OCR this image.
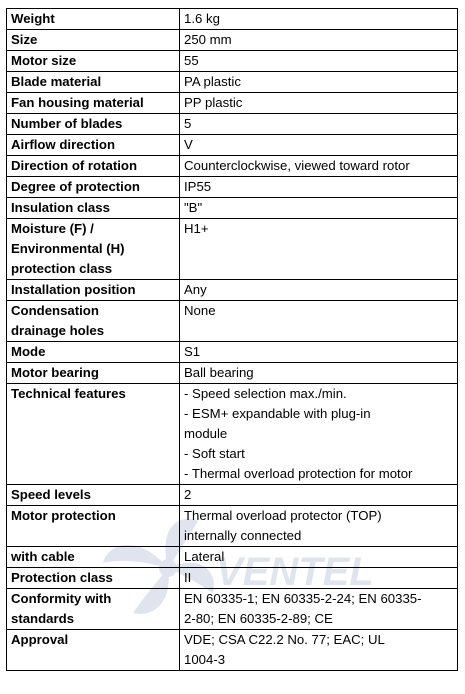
Weight	1.6 kg
Size	250 mm
Motor size	55
Blade material	PA plastic
Fan housing material	PP plastic
Number of blades	5
Airflow direction	V
Direction of rotation	Counterclockwise, viewed toward rotor
Degree of protection	IP55
Insulation class	"B"
Moisture (F) /
Environmental (H)
protection class	H1+
Installation position	Any
Condensation
drainage holes	None
Mode	S1
Motor bearing	Ball bearing
Technical features	- Speed selection max./min.
- ESM+ expandable with plug-in
module
- Soft start
- Thermal overload protection for motor
Speed levels	2
Motor protection	Thermal overload protector (TOP)
internally connected
with cable	Lateral
Protection class	II
Conformity with
standards	EN 60335-1; EN 60335-2-24; EN 60335-
2-80; EN 60335-2-89; CE
Approval	VDE; CSA C22.2 No. 77; EAC; UL
1004-3
VENTEL
